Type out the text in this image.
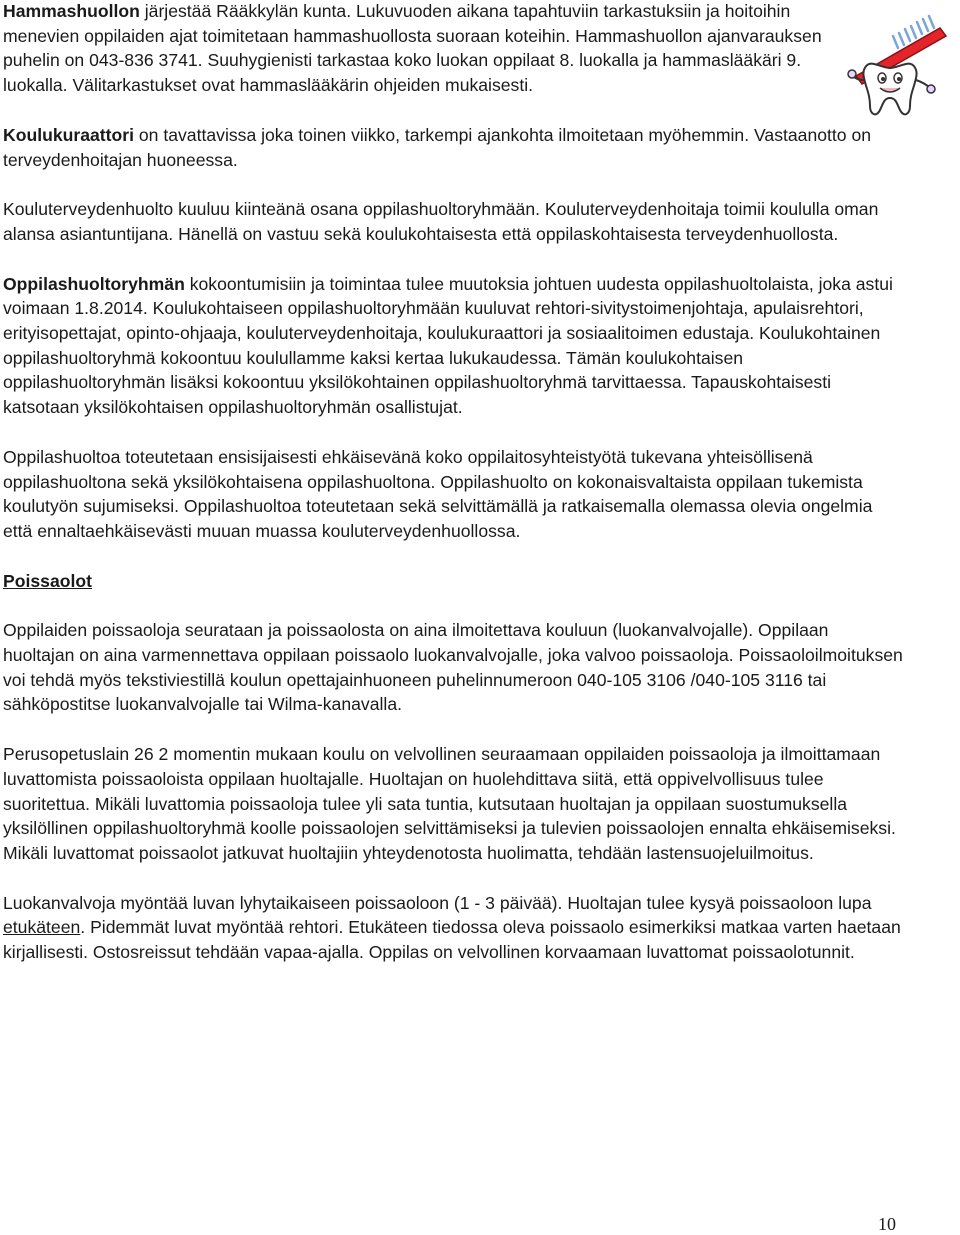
Hammashuollon järjestää Rääkkylän kunta. Lukuvuoden aikana tapahtuviin tarkastuksiin ja hoitoihin menevien oppilaiden ajat toimitetaan hammashuollosta suoraan koteihin. Hammashuollon ajanvarauksen puhelin on 043-836 3741. Suuhygienisti tarkastaa koko luokan oppilaat 8. luokalla ja hammaslääkäri 9. luokalla. Välitarkastukset ovat hammaslääkärin ohjeiden mukaisesti.

Koulukuraattori on tavattavissa joka toinen viikko, tarkempi ajankohta ilmoitetaan myöhemmin. Vastaanotto on terveydenhoitajan huoneessa.

Kouluterveydenhuolto kuuluu kiinteänä osana oppilashuoltoryhmään. Kouluterveydenhoitaja toimii koululla oman alansa asiantuntijana. Hänellä on vastuu sekä koulukohtaisesta että oppilaskohtaisesta terveydenhuollosta.

Oppilashuoltoryhmän kokoontumisiin ja toimintaa tulee muutoksia johtuen uudesta oppilashuoltolaista, joka astui voimaan 1.8.2014. Koulukohtaiseen oppilashuoltoryhmään kuuluvat rehtori-sivitystoimenjohtaja, apulaisrehtori, erityisopettajat, opinto-ohjaaja, kouluterveydenhoitaja, koulukuraattori ja sosiaalitoimen edustaja. Koulukohtainen oppilashuoltoryhmä kokoontuu koulullamme kaksi kertaa lukukaudessa. Tämän koulukohtaisen oppilashuoltoryhmän lisäksi kokoontuu yksilökohtainen oppilashuoltoryhmä tarvittaessa. Tapauskohtaisesti katsotaan yksilökohtaisen oppilashuoltoryhmän osallistujat.

Oppilashuoltoa toteutetaan ensisijaisesti ehkäisevänä koko oppilaitosyhteistyötä tukevana yhteisöllisenä oppilashuoltona sekä yksilökohtaisena oppilashuoltona. Oppilashuolto on kokonaisvaltaista oppilaan tukemista koulutyön sujumiseksi. Oppilashuoltoa toteutetaan sekä selvittämällä ja ratkaisemalla olemassa olevia ongelmia että ennaltaehkäisevästi muuan muassa kouluterveydenhuollossa.

Poissaolot

Oppilaiden poissaoloja seurataan ja poissaolosta on aina ilmoitettava kouluun (luokanvalvojalle). Oppilaan huoltajan on aina varmennettava oppilaan poissaolo luokanvalvojalle, joka valvoo poissaoloja. Poissaoloilmoituksen voi tehdä myös tekstiviestillä koulun opettajainhuoneen puhelinnumeroon 040-105 3106 /040-105 3116 tai sähköpostitse luokanvalvojalle tai Wilma-kanavalla.

Perusopetuslain 26 2 momentin mukaan koulu on velvollinen seuraamaan oppilaiden poissaoloja ja ilmoittamaan luvattomista poissaoloista oppilaan huoltajalle. Huoltajan on huolehdittava siitä, että oppivelvollisuus tulee suoritettua. Mikäli luvattomia poissaoloja tulee yli sata tuntia, kutsutaan huoltajan ja oppilaan suostumuksella yksilöllinen oppilashuoltoryhmä koolle poissaolojen selvittämiseksi ja tulevien poissaolojen ennalta ehkäisemiseksi. Mikäli luvattomat poissaolot jatkuvat huoltajiin yhteydenotosta huolimatta, tehdään lastensuojeluilmoitus.

Luokanvalvoja myöntää luvan lyhytaikaiseen poissaoloon (1 - 3 päivää). Huoltajan tulee kysyä poissaoloon lupa etukäteen. Pidemmät luvat myöntää rehtori. Etukäteen tiedossa oleva poissaolo esimerkiksi matkaa varten haetaan kirjallisesti. Ostosreissut tehdään vapaa-ajalla. Oppilas on velvollinen korvaamaan luvattomat poissaolotunnit.

10
